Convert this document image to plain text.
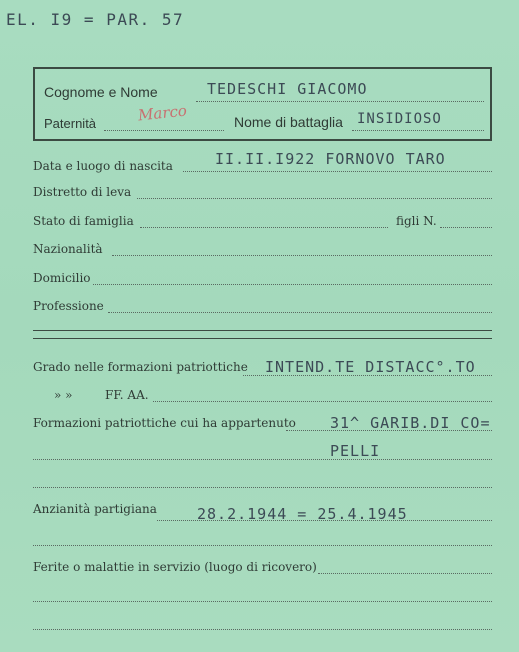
EL. I9 = PAR. 57
Cognome e Nome	TEDESCHI GIACOMO
Paternità	Marco	Nome di battaglia INSIDIOSO
Data e luogo di nascita	II.II.I922 FORNOVO TARO
Distretto di leva
Stato di famiglia	figli N.
Nazionalità
Domicilio
Professione
Grado nelle formazioni patriottiche INTEND.TE DISTACC°.TO
» »	FF. AA.
Formazioni patriottiche cui ha appartenuto 31^ GARIB.DI CO=
PELLI
Anzianità partigiana	28.2.1944 = 25.4.1945
Ferite o malattie in servizio (luogo di ricovero)
